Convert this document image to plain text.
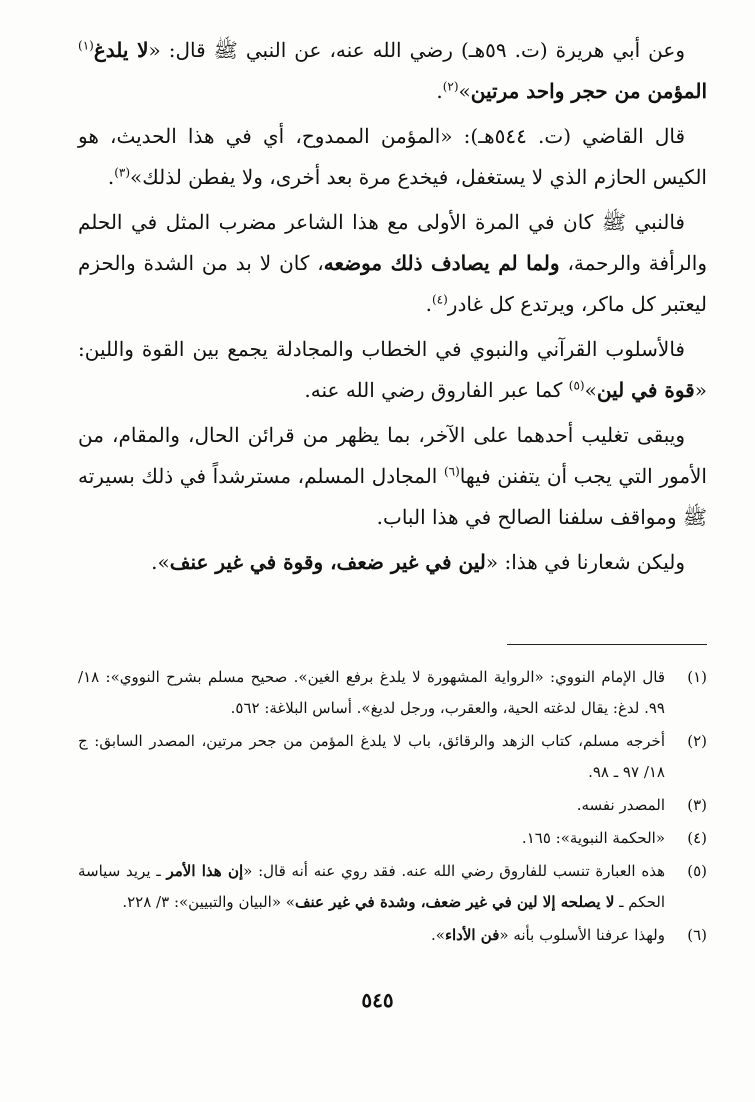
وعن أبي هريرة (ت. ٥٩هـ) رضي الله عنه، عن النبي ﷺ قال: «لا يلدغ$^{(١)}$ المؤمن من حجر واحد مرتين»$^{(٢)}$.

قال القاضي (ت. ٥٤٤هـ): «المؤمن الممدوح، أي في هذا الحديث، هو الكيس الحازم الذي لا يستغفل، فيخدع مرة بعد أخرى، ولا يفطن لذلك»$^{(٣)}$.

فالنبي ﷺ كان في المرة الأولى مع هذا الشاعر مضرب المثل في الحلم والرأفة والرحمة، ولما لم يصادف ذلك موضعه، كان لا بد من الشدة والحزم ليعتبر كل ماكر، ويرتدع كل غادر$^{(٤)}$.

فالأسلوب القرآني والنبوي في الخطاب والمجادلة يجمع بين القوة واللين: «قوة في لين»$^{(٥)}$ كما عبر الفاروق رضي الله عنه.

ويبقى تغليب أحدهما على الآخر، بما يظهر من قرائن الحال، والمقام، من الأمور التي يجب أن يتفنن فيها$^{(٦)}$ المجادل المسلم، مسترشداً في ذلك بسيرته ﷺ ومواقف سلفنا الصالح في هذا الباب.

وليكن شعارنا في هذا: «لين في غير ضعف، وقوة في غير عنف».

(١)
قال الإمام النووي: «الرواية المشهورة لا يلدغ برفع الغين». صحيح مسلم بشرح النووي»: ١٨/ ٩٩. لدغ: يقال لدغته الحية، والعقرب، ورجل لديغ». أساس البلاغة: ٥٦٢.
(٢)
أخرجه مسلم، كتاب الزهد والرقائق، باب لا يلدغ المؤمن من جحر مرتين، المصدر السابق: ج ١٨/ ٩٧ ـ ٩٨.
(٣)
المصدر نفسه.
(٤)
«الحكمة النبوية»: ١٦٥.
(٥)
هذه العبارة تنسب للفاروق رضي الله عنه. فقد روي عنه أنه قال: «إن هذا الأمر ـ يريد سياسة الحكم ـ لا يصلحه إلا لين في غير ضعف، وشدة في غير عنف» «البيان والتبيين»: ٣/ ٢٢٨.
(٦)
ولهذا عرفنا الأسلوب بأنه «فن الأداء».
٥٤٥
